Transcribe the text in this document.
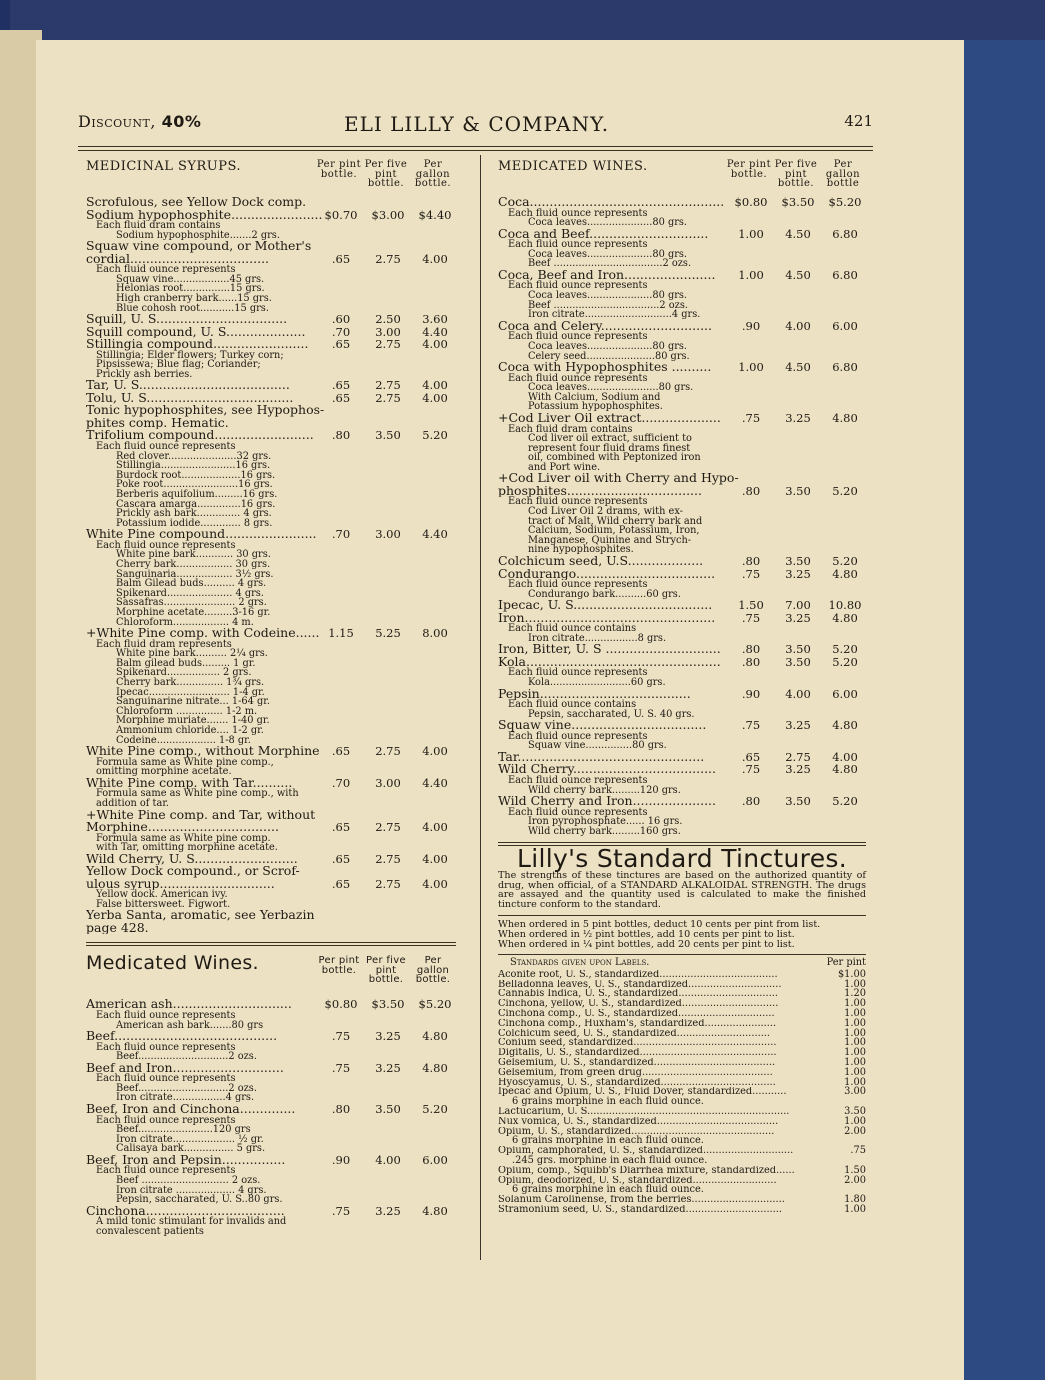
Discount, 40%	ELI LILLY & COMPANY.	421
MEDICINAL SYRUPS.	Per pint bottle.
Per five pint bottle.
Per gallon bottle.
Scrofulous, see Yellow Dock comp.
Sodium hypophosphite....................... $0.70	$3.00	$4.40
Each fluid dram contains
Sodium hypophosphite.......2 grs.
Squaw vine compound, or Mother's
cordial...................................	.65	2.75	4.00
Each fluid ounce represents
Squaw vine..................45 grs.
Helonias root...............15 grs.
High cranberry bark......15 grs.
Blue cohosh root...........15 grs.
Squill, U. S.................................	.60	2.50	3.60
Squill compound, U. S....................	.70	3.00	4.40
Stillingia compound........................	.65	2.75	4.00
Stillingia; Elder flowers; Turkey corn;
Pipsissewa; Blue flag; Coriander;
Prickly ash berries.
Tar, U. S......................................	.65	2.75	4.00
Tolu, U. S.....................................	.65	2.75	4.00
Tonic hypophosphites, see Hypophos-
phites comp. Hematic.
Trifolium compound.........................	.80	3.50	5.20
Each fluid ounce represents
Red clover......................32 grs.
Stillingia........................16 grs.
Burdock root...................16 grs.
Poke root........................16 grs.
Berberis aquifolium.........16 grs.
Cascara amarga..............16 grs.
Prickly ash bark.............. 4 grs.
Potassium iodide............. 8 grs.
White Pine compound.......................	.70	3.00	4.40
Each fluid ounce represents
White pine bark............ 30 grs.
Cherry bark.................. 30 grs.
Sanguinaria.................. 3½ grs.
Balm Gilead buds.......... 4 grs.
Spikenard..................... 4 grs.
Sassafras....................... 2 grs.
Morphine acetate.........3-16 gr.
Chloroform.................. 4 m.
+White Pine comp. with Codeine...... 1.15	5.25	8.00
Each fluid dram represents
White pine bark.......... 2¼ grs.
Balm gilead buds......... 1 gr.
Spikenard................. 2 grs.
Cherry bark............... 1¾ grs.
Ipecac.......................... 1-4 gr.
Sanguinarine nitrate... 1-64 gr.
Chloroform ............... 1-2 m.
Morphine muriate....... 1-40 gr.
Ammonium chloride.... 1-2 gr.
Codeine................... 1-8 gr.
White Pine comp., without Morphine	.65	2.75	4.00
Formula same as White pine comp.,
omitting morphine acetate.
White Pine comp. with Tar..........	.70	3.00	4.40
Formula same as White pine comp., with
addition of tar.
+White Pine comp. and Tar, without
Morphine.................................	.65	2.75	4.00
Formula same as White pine comp.
with Tar, omitting morphine acetate.
Wild Cherry, U. S..........................	.65	2.75	4.00
Yellow Dock compound., or Scrof-
ulous syrup.............................	.65	2.75	4.00
Yellow dock. American ivy.
False bittersweet. Figwort.
Yerba Santa, aromatic, see Yerbazin
page 428.
Medicated Wines.	Per pint bottle.
Per five pint bottle.
Per gallon bottle.
American ash..............................	$0.80	$3.50	$5.20
Each fluid ounce represents
American ash bark.......80 grs
Beef.........................................	.75	3.25	4.80
Each fluid ounce represents
Beef.............................2 ozs.
Beef and Iron............................	.75	3.25	4.80
Each fluid ounce represents
Beef.............................2 ozs.
Iron citrate.................4 grs.
Beef, Iron and Cinchona..............	.80	3.50	5.20
Each fluid ounce represents
Beef........................120 grs
Iron citrate.................... ½ gr.
Calisaya bark................ 5 grs.
Beef, Iron and Pepsin................	.90	4.00	6.00
Each fluid ounce represents
Beef ............................ 2 ozs.
Iron citrate ................... 4 grs.
Pepsin, saccharated, U. S..80 grs.
Cinchona...................................	.75	3.25	4.80
A mild tonic stimulant for invalids and
convalescent patients
MEDICATED WINES.	Per pint bottle.
Per five pint bottle.
Per gallon bottle
Coca................................................. $0.80	$3.50	$5.20
Each fluid ounce represents
Coca leaves.....................80 grs.
Coca and Beef..............................	1.00	4.50	6.80
Each fluid ounce represents
Coca leaves.....................80 grs.
Beef ...................................2 ozs.
Coca, Beef and Iron.......................	1.00	4.50	6.80
Each fluid ounce represents
Coca leaves.....................80 grs.
Beef ..................................2 ozs.
Iron citrate............................4 grs.
Coca and Celery............................	.90	4.00	6.00
Each fluid ounce represents
Coca leaves.....................80 grs.
Celery seed......................80 grs.
Coca with Hypophosphites ..........	1.00	4.50	6.80
Each fluid ounce represents
Coca leaves.......................80 grs.
With Calcium, Sodium and
Potassium hypophosphites.
+Cod Liver Oil extract....................	.75	3.25	4.80
Each fluid dram contains
Cod liver oil extract, sufficient to
represent four fluid drams finest
oil, combined with Peptonized iron
and Port wine.
+Cod Liver oil with Cherry and Hypo-
phosphites..................................	.80	3.50	5.20
Each fluid ounce represents
Cod Liver Oil 2 drams, with ex-
tract of Malt, Wild cherry bark and
Calcium, Sodium, Potassium, Iron,
Manganese, Quinine and Strych-
nine hypophosphites.
Colchicum seed, U.S...................	.80	3.50	5.20
Condurango...................................	.75	3.25	4.80
Each fluid ounce represents
Condurango bark..........60 grs.
Ipecac, U. S...................................	1.50	7.00	10.80
Iron................................................	.75	3.25	4.80
Each fluid ounce contains
Iron citrate.................8 grs.
Iron, Bitter, U. S .............................	.80	3.50	5.20
Kola.................................................	.80	3.50	5.20
Each fluid ounce represents
Kola..........................60 grs.
Pepsin......................................	.90	4.00	6.00
Each fluid ounce contains
Pepsin, saccharated, U. S. 40 grs.
Squaw vine..................................	.75	3.25	4.80
Each fluid ounce represents
Squaw vine...............80 grs.
Tar...............................................	.65	2.75	4.00
Wild Cherry....................................	.75	3.25	4.80
Each fluid ounce represents
Wild cherry bark.........120 grs.
Wild Cherry and Iron.....................	.80	3.50	5.20
Each fluid ounce represents
Iron pyrophosphate...... 16 grs.
Wild cherry bark.........160 grs.
Lilly's Standard Tinctures.
The strengths of these tinctures are based on the authorized quantity of drug, when official, of a STANDARD ALKALOIDAL STRENGTH. The drugs are assayed and the quantity used is calculated to make the finished tincture conform to the standard.
When ordered in 5 pint bottles, deduct 10 cents per pint from list.
When ordered in ½ pint bottles, add 10 cents per pint to list.
When ordered in ¼ pint bottles, add 20 cents per pint to list.
Standards given upon Labels.	Per pint
Aconite root, U. S., standardized......................................	$1.00
Belladonna leaves, U. S., standardized..............................	1.00
Cannabis Indica, U. S., standardized................................	1.20
Cinchona, yellow, U. S., standardized...............................	1.00
Cinchona comp., U. S., standardized...............................	1.00
Cinchona comp., Huxham's, standardized.......................	1.00
Colchicum seed, U. S., standardized..............................	1.00
Conium seed, standardized..............................................	1.00
Digitalis, U. S., standardized............................................	1.00
Gelsemium, U. S., standardized.......................................	1.00
Gelsemium, from green drug..........................................	1.00
Hyoscyamus, U. S., standardized.....................................	1.00
Ipecac and Opium, U. S., Fluid Dover, standardized...........	3.00
6 grains morphine in each fluid ounce.
Lactucarium, U. S.................................................................	3.50
Nux vomica, U. S., standardized.......................................	1.00
Opium, U. S., standardized..............................................	2.00
6 grains morphine in each fluid ounce.
Opium, camphorated, U. S., standardized.............................	.75
.245 grs. morphine in each fluid ounce.
Opium, comp., Squibb's Diarrhea mixture, standardized......	1.50
Opium, deodorized, U. S., standardized...........................	2.00
6 grains morphine in each fluid ounce.
Solanum Carolinense, from the berries..............................	1.80
Stramonium seed, U. S., standardized...............................	1.00
